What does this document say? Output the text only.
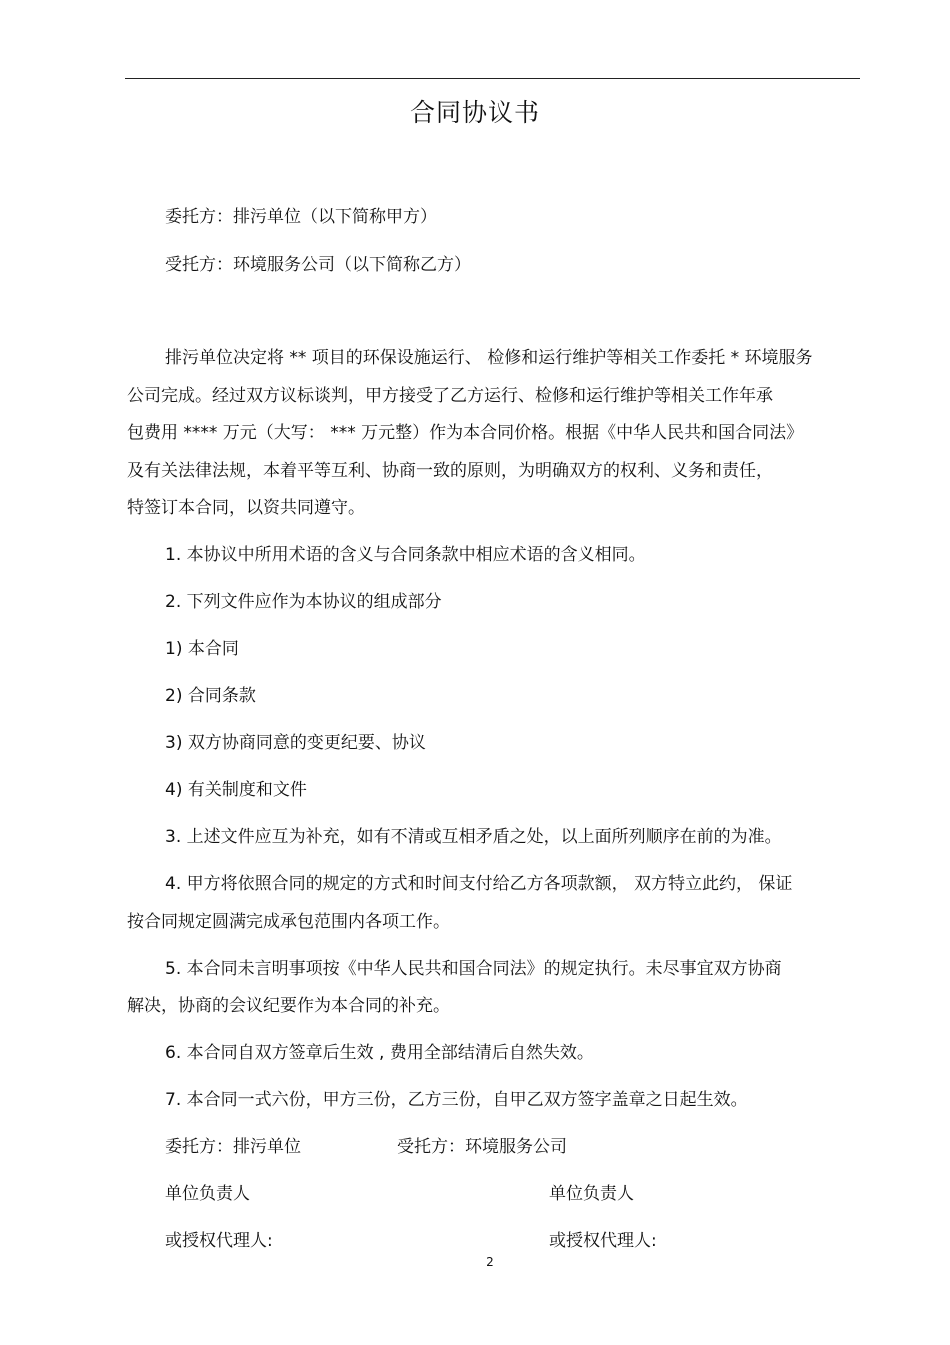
合同协议书
委托方：排污单位（以下简称甲方）
受托方：环境服务公司（以下简称乙方）
排污单位决定将 ** 项目的环保设施运行、 检修和运行维护等相关工作委托 * 环境服务
公司完成。经过双方议标谈判，甲方接受了乙方运行、检修和运行维护等相关工作年承
包费用 **** 万元（大写： *** 万元整）作为本合同价格。根据《中华人民共和国合同法》
及有关法律法规，本着平等互利、协商一致的原则，为明确双方的权利、义务和责任，
特签订本合同，以资共同遵守。
1. 本协议中所用术语的含义与合同条款中相应术语的含义相同。
2. 下列文件应作为本协议的组成部分
1) 本合同
2) 合同条款
3) 双方协商同意的变更纪要、协议
4) 有关制度和文件
3. 上述文件应互为补充，如有不清或互相矛盾之处，以上面所列顺序在前的为准。
4. 甲方将依照合同的规定的方式和时间支付给乙方各项款额， 双方特立此约， 保证
按合同规定圆满完成承包范围内各项工作。
5. 本合同未言明事项按《中华人民共和国合同法》的规定执行。未尽事宜双方协商
解决，协商的会议纪要作为本合同的补充。
6. 本合同自双方签章后生效 , 费用全部结清后自然失效。
7. 本合同一式六份，甲方三份，乙方三份，自甲乙双方签字盖章之日起生效。
委托方：排污单位	受托方：环境服务公司
单位负责人	单位负责人
或授权代理人:	或授权代理人:
2
